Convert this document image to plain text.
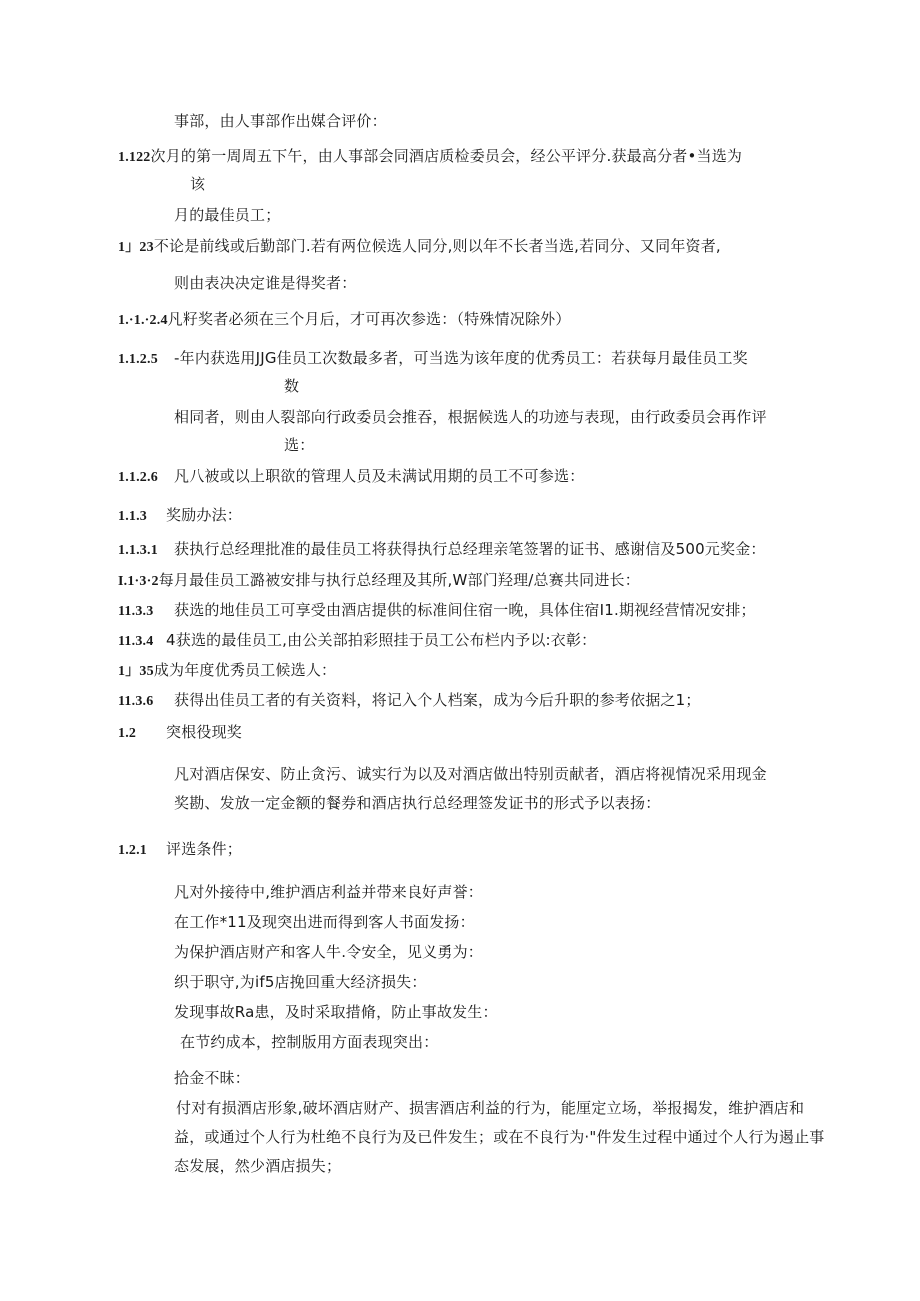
事部，由人事部作出媒合评价：
1.122次月的第一周周五下午，由人事部会同酒店质检委员会，经公平评分.获最高分者•当选为
该
月的最佳员工；
1」23不论是前线或后勤部门.若有两位候选人同分,则以年不长者当选,若同分、又同年资者,
则由表决决定谁是得奖者：
1.·1.·2.4凡籽奖者必须在三个月后，才可再次参选：（特殊情况除外）
1.1.2.5 -年内获选用JJG佳员工次数最多者，可当选为该年度的优秀员工：若获每月最佳员工奖
数
相同者，则由人裂部向行政委员会推吞，根据候选人的功迹与表现，由行政委员会再作评
选：
1.1.2.6 凡八被或以上职欲的管理人员及未满试用期的员工不可参选：
1.1.3 奖励办法：
1.1.3.1 获执行总经理批准的最佳员工将获得执行总经理亲笔签署的证书、感谢信及500元奖金：
I.1·3·2每月最佳员工潞被安排与执行总经理及其所,W部门羟理/总赛共同进长：
11.3.3 获选的地佳员工可享受由酒店提供的标准间住宿一晚，具体住宿I1.期视经营情况安排；
11.3.4 4获选的最佳员工,由公关部拍彩照挂于员工公布栏内予以:衣彰：
1」35成为年度优秀员工候选人：
11.3.6 获得出佳员工者的有关资料，将记入个人档案，成为今后升职的参考依据之1；
1.2 突根役现奖
凡对酒店保安、防止贪污、诚实行为以及对酒店做出特别贡献者，酒店将视情况采用现金
奖勘、发放一定金额的餐券和酒店执行总经理签发证书的形式予以表扬：
1.2.1 评选条件；
凡对外接待中,维护酒店利益并带来良好声誉：
在工作*11及现突出进而得到客人书面发扬：
为保护酒店财产和客人牛.令安全，见义勇为：
织于职守,为if5店挽回重大经济损失：
发现事故Ra患，及时采取措脩，防止事故发生：
在节约成本，控制版用方面表现突出：
拾金不昧：
付对有损酒店形象,破坏酒店财产、损害酒店利益的行为，能厘定立场，举报揭发，维护酒店和
益，或通过个人行为杜绝不良行为及已件发生；或在不良行为·"件发生过程中通过个人行为遏止事
态发展，然少酒店损失；
